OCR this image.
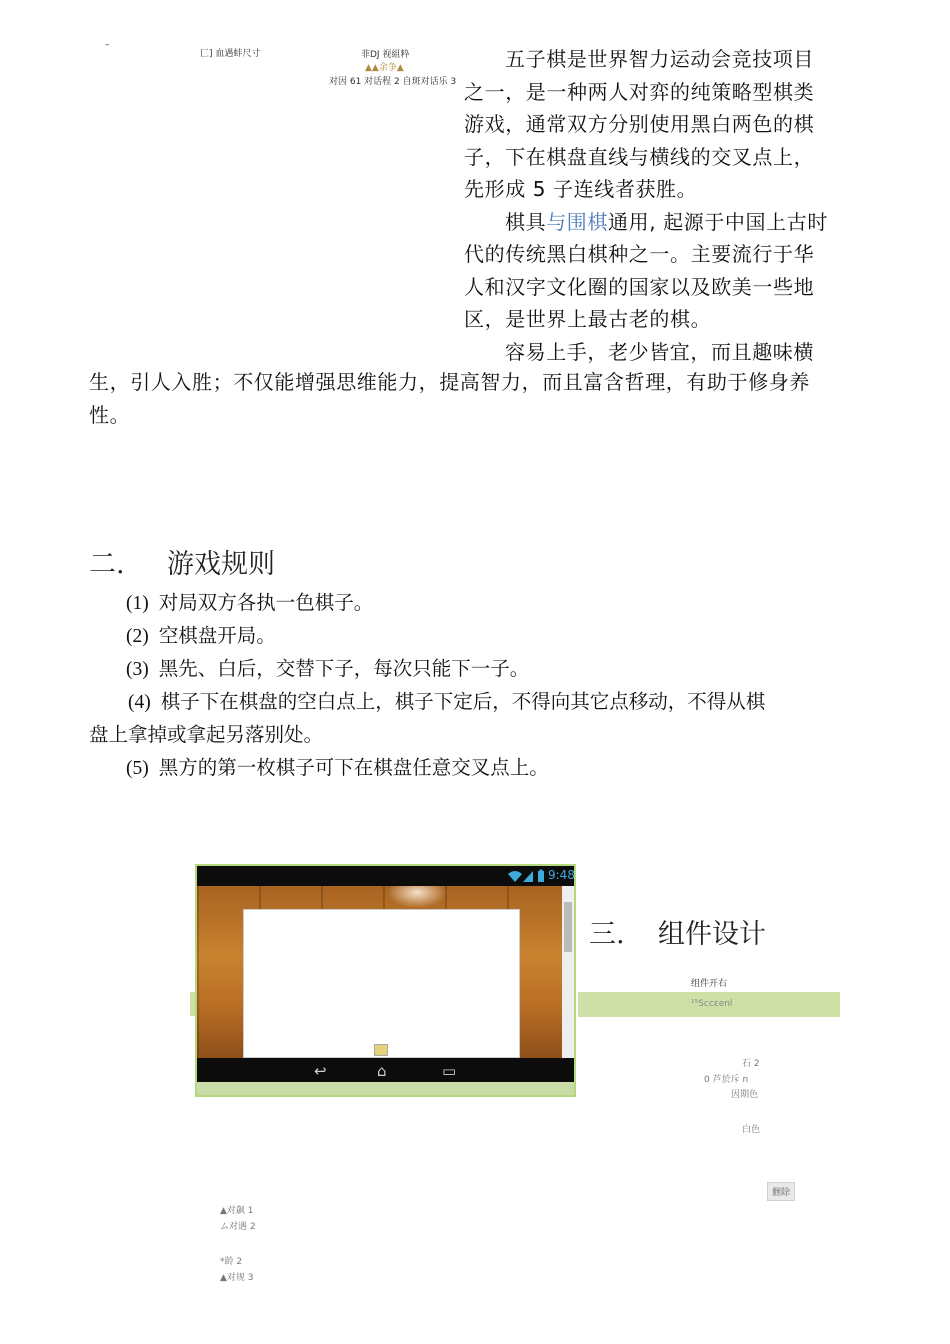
–
匚] 血遇蚌尺寸	菲DJ 视組粋
▲▲余争▲
对因 61 对话程 2 自斑对话乐 3
五子棋是世界智力运动会竞技项目
之一，是一种两人对弈的纯策略型棋类
游戏，通常双方分别使用黑白两色的棋
子，下在棋盘直线与横线的交叉点上，
先形成 5 子连线者获胜。
棋具与围棋通用, 起源于中国上古时
代的传统黑白棋种之一。主要流行于华
人和汉字文化圈的国家以及欧美一些地
区，是世界上最古老的棋。
容易上手，老少皆宜，而且趣味横
生，引人入胜；不仅能增强思维能力，提高智力，而且富含哲理，有助于修身养
性。
二. 游戏规则
(1) 对局双方各执一色棋子。
(2) 空棋盘开局。
(3) 黑先、白后，交替下子，每次只能下一子。
(4) 棋子下在棋盘的空白点上，棋子下定后，不得向其它点移动，不得从棋
盘上拿掉或拿起另落别处。
(5) 黑方的第一枚棋子可下在棋盘任意交叉点上。
9:48
↩	⌂	▭
三. 组件设计
组件开右
¹⁵Sccεenl
石 2
0 芦於斥 n
因期色
白色
删除
▲对飙 1
ム对遇 2
*龄 2
▲对规 3
